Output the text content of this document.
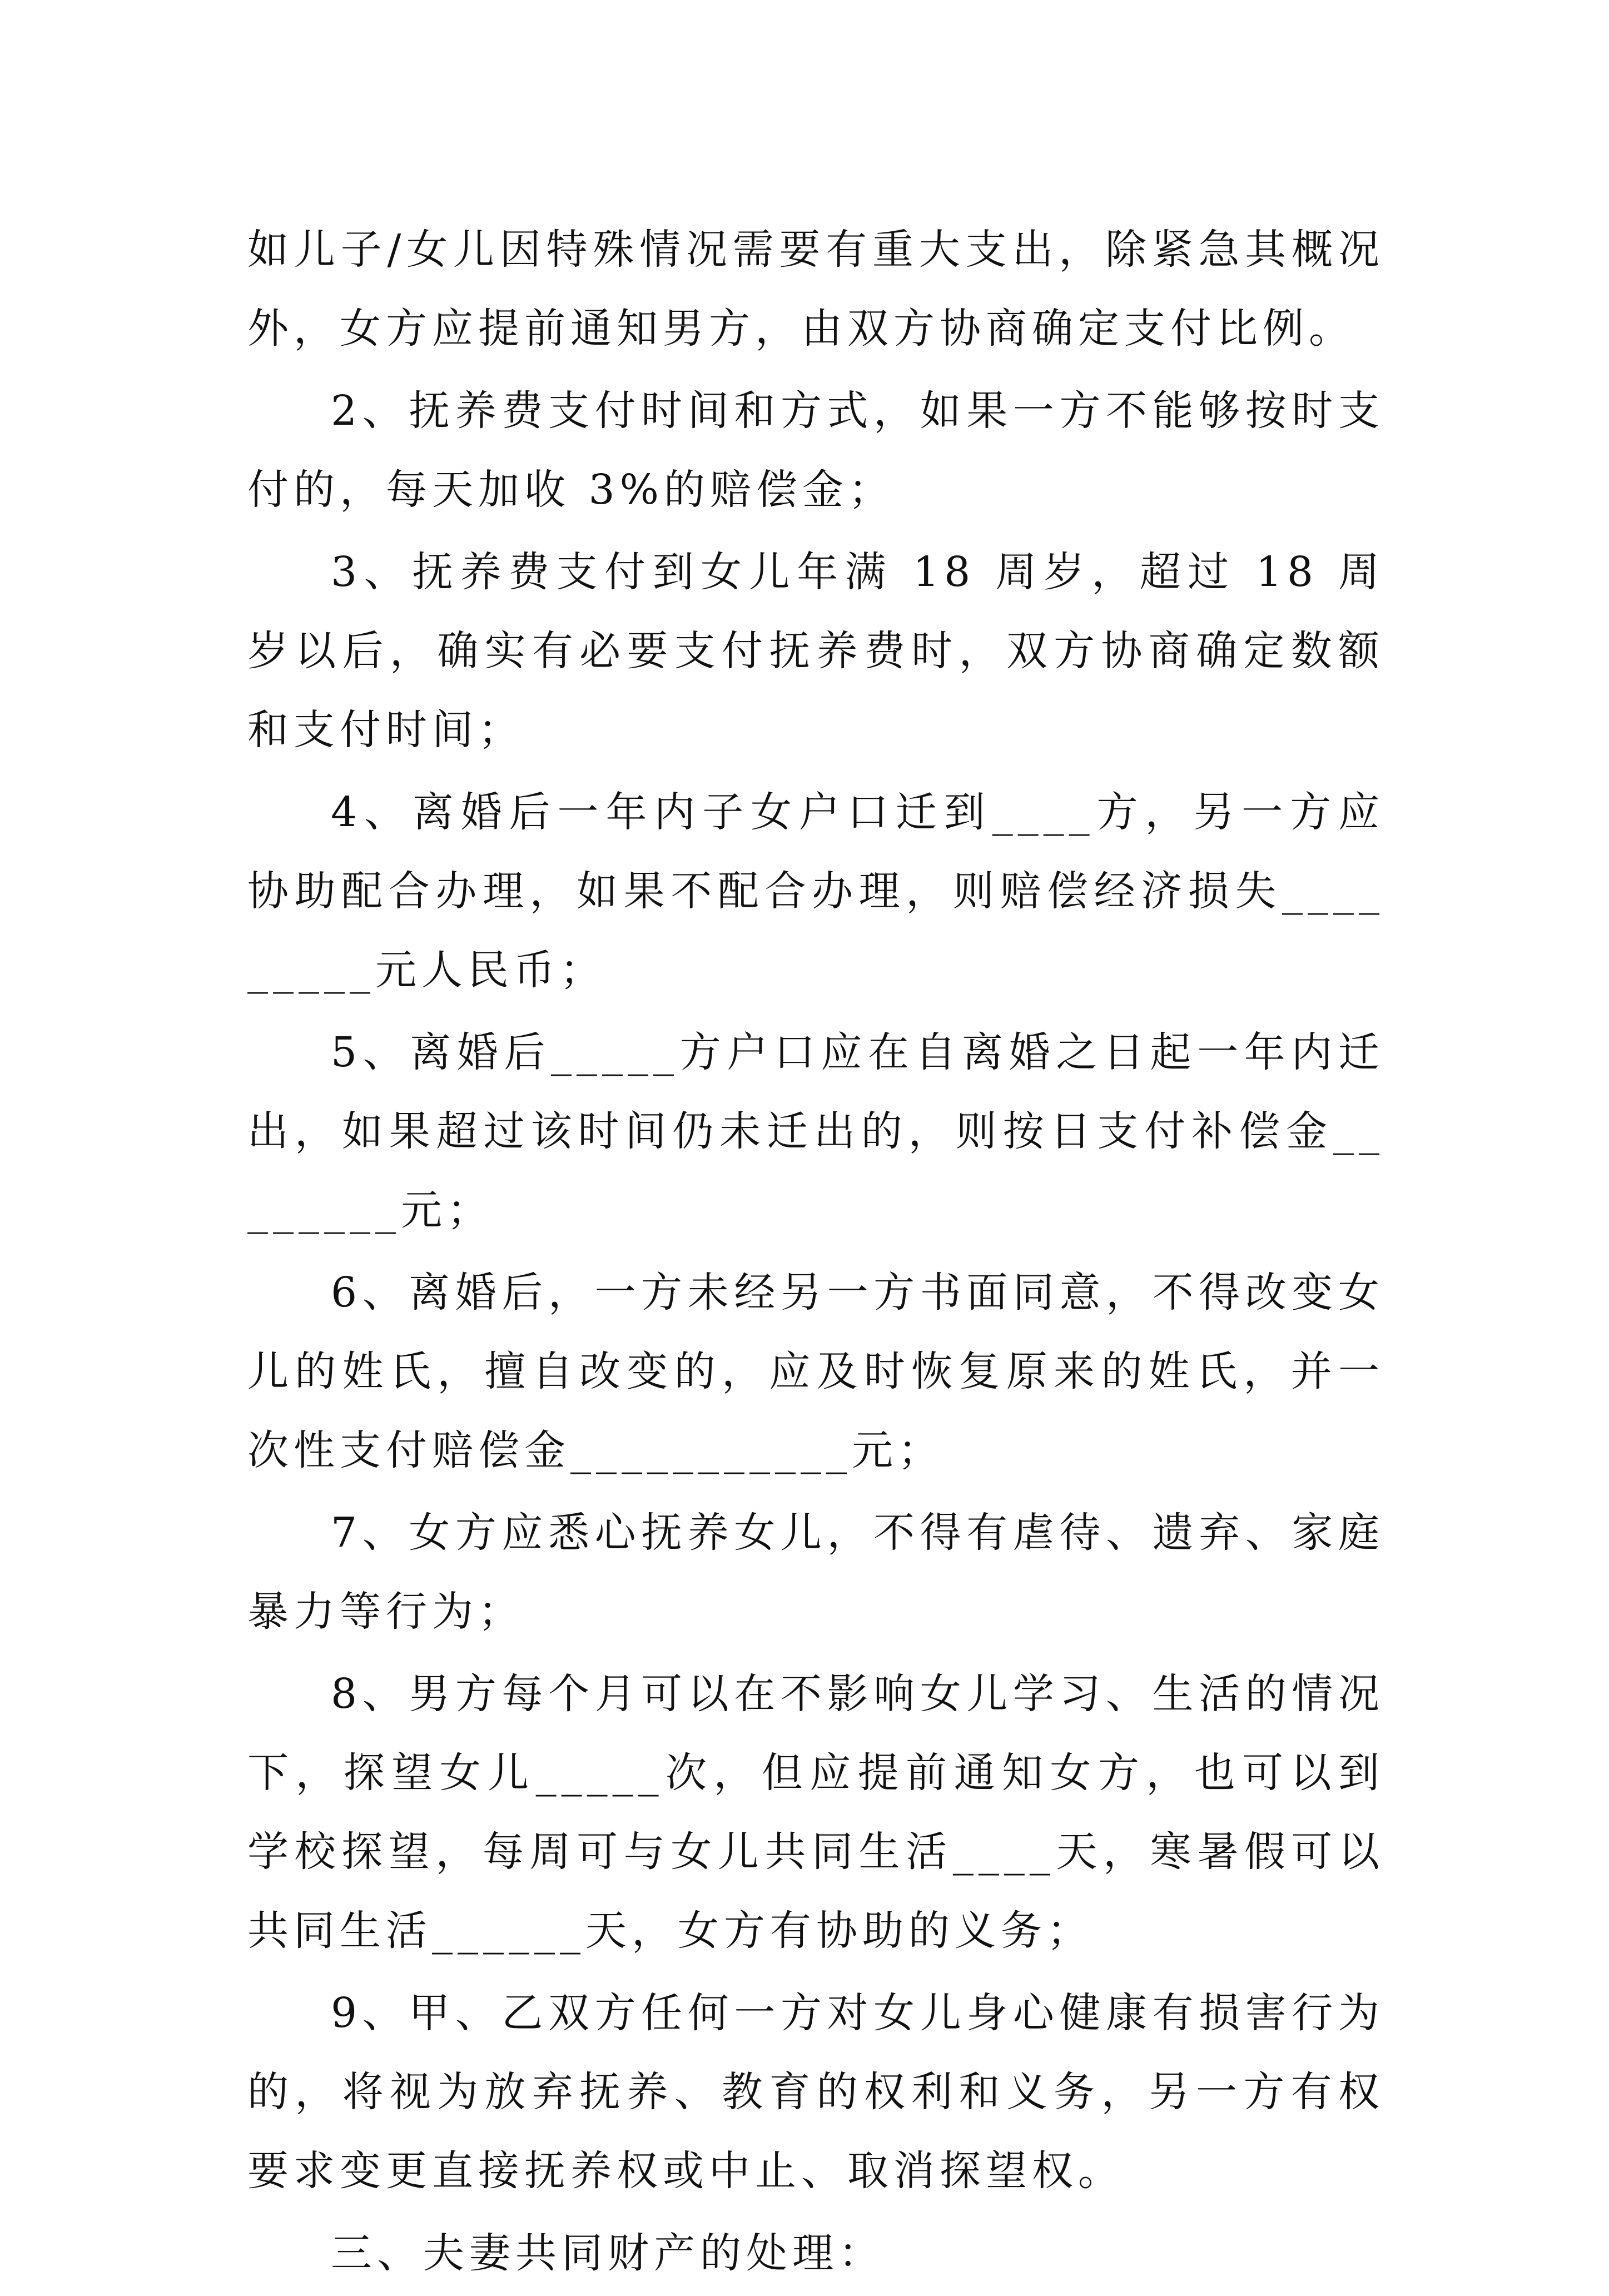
如儿子/女儿因特殊情况需要有重大支出，除紧急其概况外，女方应提前通知男方，由双方协商确定支付比例。

2、抚养费支付时间和方式，如果一方不能够按时支付的，每天加收 3%的赔偿金；

3、抚养费支付到女儿年满 18 周岁，超过 18 周岁以后，确实有必要支付抚养费时，双方协商确定数额和支付时间；

4、离婚后一年内子女户口迁到____方，另一方应协助配合办理，如果不配合办理，则赔偿经济损失_________元人民币；

5、离婚后_____方户口应在自离婚之日起一年内迁出，如果超过该时间仍未迁出的，则按日支付补偿金________元；

6、离婚后，一方未经另一方书面同意，不得改变女儿的姓氏，擅自改变的，应及时恢复原来的姓氏，并一次性支付赔偿金___________元；

7、女方应悉心抚养女儿，不得有虐待、遗弃、家庭暴力等行为；

8、男方每个月可以在不影响女儿学习、生活的情况下，探望女儿_____次，但应提前通知女方，也可以到学校探望，每周可与女儿共同生活____天，寒暑假可以共同生活______天，女方有协助的义务；

9、甲、乙双方任何一方对女儿身心健康有损害行为的，将视为放弃抚养、教育的权利和义务，另一方有权要求变更直接抚养权或中止、取消探望权。

三、夫妻共同财产的处理：
